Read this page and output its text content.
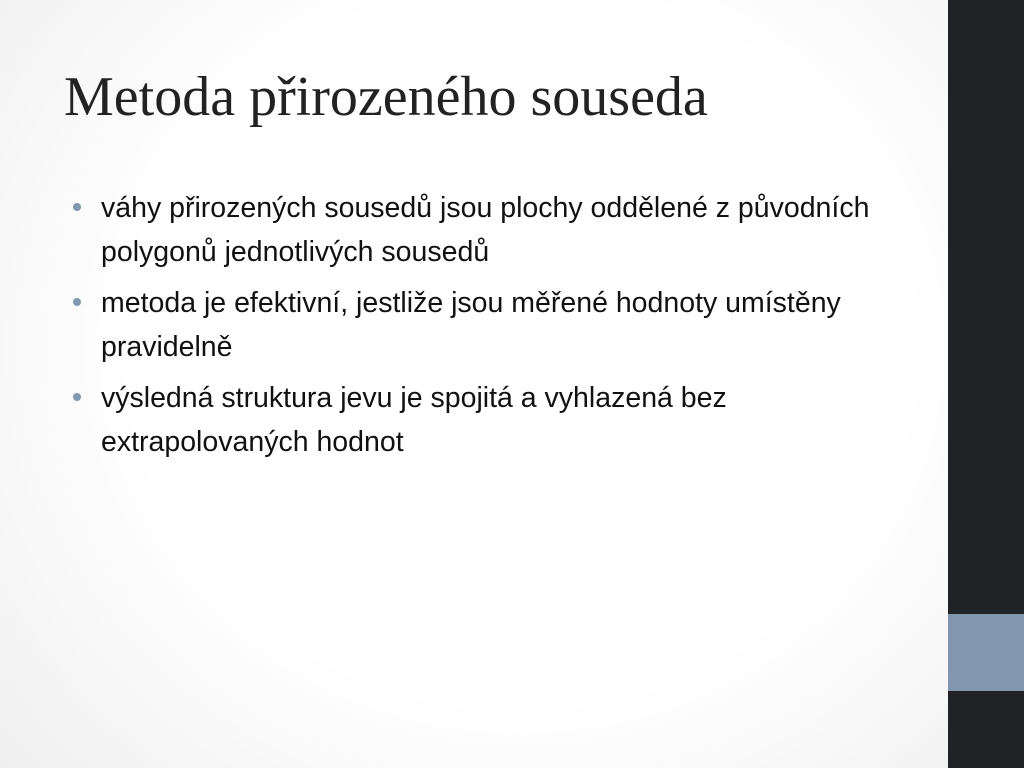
Metoda přirozeného souseda
váhy přirozených sousedů jsou plochy oddělené z původních polygonů jednotlivých sousedů
metoda je efektivní, jestliže jsou měřené hodnoty umístěny pravidelně
výsledná struktura jevu je spojitá a vyhlazená bez extrapolovaných hodnot
